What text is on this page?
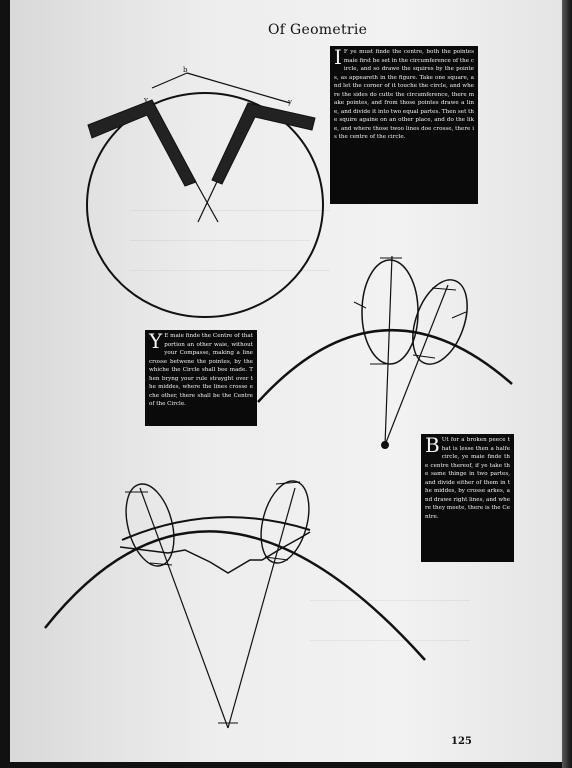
Of Geometrie
b
y	y
I F ye must finde the centre, both the pointes maie first be set in the circumference of the circle, and so drawe the squires by the pointes, as appeareth in the figure. Take one square, and let the corner of it touche the circle, and where the sides do cutte the circumference, there make pointes, and from those pointes drawe a line, and divide it into two equal partes. Then set the squire againe on an other place, and do the like, and where those twoo lines doe crosse, there is the centre of the circle.
Y E maie finde the Centre of that portion an other waie, without your Compasse, making a line crosse betwene the pointes, by the whiche the Circle shall bee made. Then bryng your rule strayght over the middes, where the lines crosse eche other, there shall be the Centre of the Circle.
B Ut for a broken peece that is lesse then a halfe circle, ye maie finde the centre thereof, if ye take the same thinge in two partes, and divide either of them in the middes, by crosse arkes, and drawe right lines, and where they meete, there is the Centre.
125
